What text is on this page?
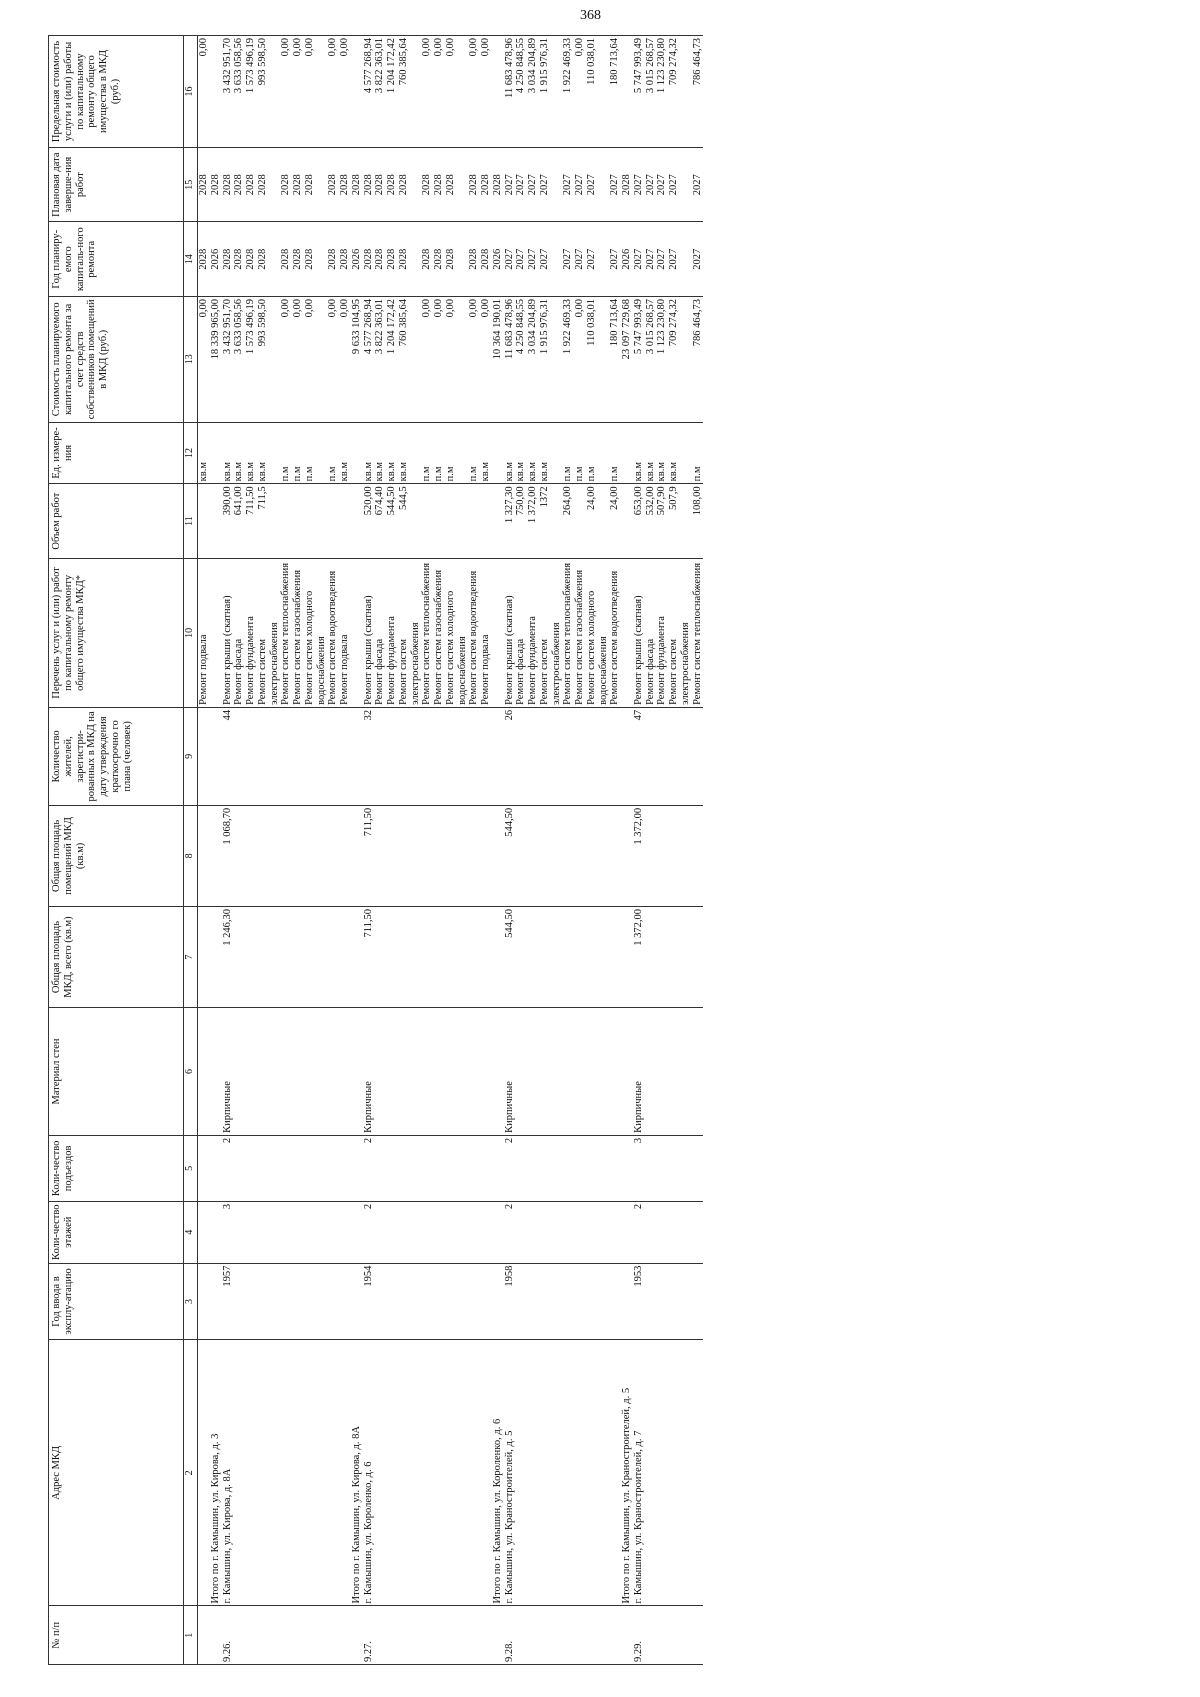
368
№ п/п	Адрес МКД	Год ввода в эксплу-атацию	Коли-чество этажей	Коли-чество подъездов	Материал стен	Общая площадь МКД, всего (кв.м)	Общая площадь помещений МКД (кв.м)	Количество жителей, зарегистри-рованных в МКД на дату утверждения краткосрочно го плана (человек)	Перечень услуг и (или) работ по капитальному ремонту общего имущества МКД*	Объем работ	Ед. измере-ния	Стоимость планируемого капитального ремонта за счет средств собственников помещений в МКД (руб.)	Год планиру-емого капиталь-ного ремонта	Плановая дата заверше-ния работ	Предельная стоимость услуги и (или) работы по капитальному ремонту общего имущества в МКД (руб.)
1	2	3	4	5	6	7	8	9	10	11	12	13	14	15	16
									Ремонт подвала		кв.м	0,00	2028	2028	0,00
	Итого по г. Камышин, ул. Кирова, д. 3											18 339 965,00	2026	2028	
9.26.	г. Камышин, ул. Кирова, д. 8А	1957	3	2	Кирпичные	1 246,30	1 068,70	44	Ремонт крыши (скатная)	390,00	кв.м	3 432 951,70	2028	2028	3 432 951,70
									Ремонт фасада	641,00	кв.м	3 633 058,56	2028	2028	3 633 058,56
									Ремонт фундамента	711,50	кв.м	1 573 496,19	2028	2028	1 573 496,19
									Ремонт систем электроснабжения	711,5	кв.м	993 598,50	2028	2028	993 598,50
									Ремонт систем теплоснабжения		п.м	0,00	2028	2028	0,00
									Ремонт систем газоснабжения		п.м	0,00	2028	2028	0,00
									Ремонт систем холодного водоснабжения		п.м	0,00	2028	2028	0,00
									Ремонт систем водоотведения		п.м	0,00	2028	2028	0,00
									Ремонт подвала		кв.м	0,00	2028	2028	0,00
	Итого по г. Камышин, ул. Кирова, д. 8А											9 633 104,95	2026	2028	
9.27.	г. Камышин, ул. Короленко, д. 6	1954	2	2	Кирпичные	711,50	711,50	32	Ремонт крыши (скатная)	520,00	кв.м	4 577 268,94	2028	2028	4 577 268,94
									Ремонт фасада	674,40	кв.м	3 822 363,01	2028	2028	3 822 363,01
									Ремонт фундамента	544,50	кв.м	1 204 172,42	2028	2028	1 204 172,42
									Ремонт систем электроснабжения	544,5	кв.м	760 385,64	2028	2028	760 385,64
									Ремонт систем теплоснабжения		п.м	0,00	2028	2028	0,00
									Ремонт систем газоснабжения		п.м	0,00	2028	2028	0,00
									Ремонт систем холодного водоснабжения		п.м	0,00	2028	2028	0,00
									Ремонт систем водоотведения		п.м	0,00	2028	2028	0,00
									Ремонт подвала		кв.м	0,00	2028	2028	0,00
	Итого по г. Камышин, ул. Короленко, д. 6											10 364 190,01	2026	2028	
9.28.	г. Камышин, ул. Кранострoителей, д. 5	1958	2	2	Кирпичные	544,50	544,50	26	Ремонт крыши (скатная)	1 327,30	кв.м	11 683 478,96	2027	2027	11 683 478,96
									Ремонт фасада	750,00	кв.м	4 250 848,55	2027	2027	4 250 848,55
									Ремонт фундамента	1 372,00	кв.м	3 034 204,89	2027	2027	3 034 204,89
									Ремонт систем электроснабжения	1372	кв.м	1 915 976,31	2027	2027	1 915 976,31
									Ремонт систем теплоснабжения	264,00	п.м	1 922 469,33	2027	2027	1 922 469,33
									Ремонт систем газоснабжения		п.м	0,00	2027	2027	0,00
									Ремонт систем холодного водоснабжения	24,00	п.м	110 038,01	2027	2027	110 038,01
									Ремонт систем водоотведения	24,00	п.м	180 713,64	2027	2027	180 713,64
	Итого по г. Камышин, ул. Кранострoителей, д. 5											23 097 729,68	2026	2028	
9.29.	г. Камышин, ул. Кранострoителей, д. 7	1953	2	3	Кирпичные	1 372,00	1 372,00	47	Ремонт крыши (скатная)	653,00	кв.м	5 747 993,49	2027	2027	5 747 993,49
									Ремонт фасада	532,00	кв.м	3 015 268,57	2027	2027	3 015 268,57
									Ремонт фундамента	507,90	кв.м	1 123 230,80	2027	2027	1 123 230,80
									Ремонт систем электроснабжения	507,9	кв.м	709 274,32	2027	2027	709 274,32
									Ремонт систем теплоснабжения	108,00	п.м	786 464,73	2027	2027	786 464,73
